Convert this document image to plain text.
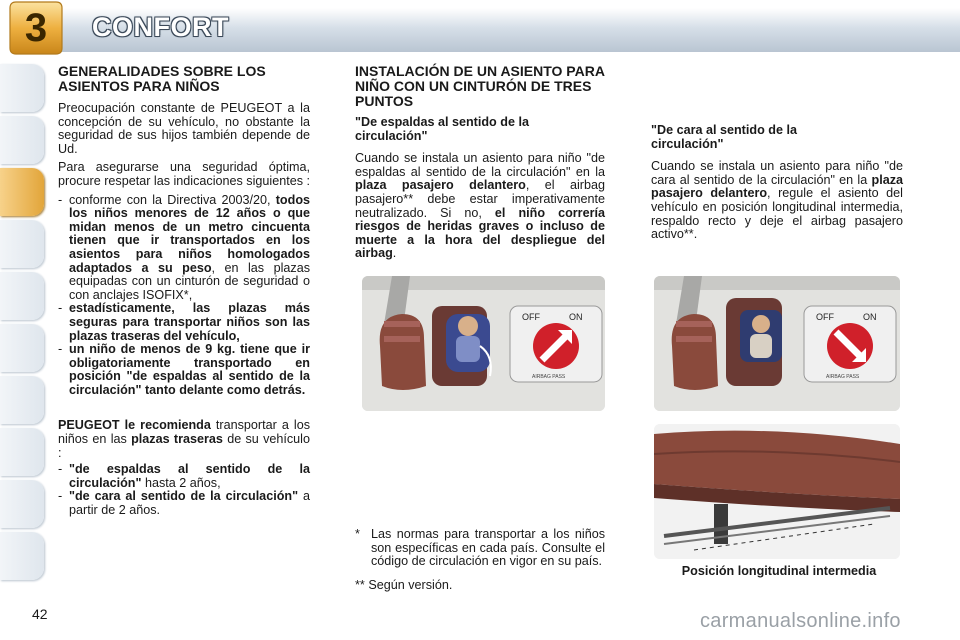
3	CONFORT
GENERALIDADES SOBRE LOS ASIENTOS PARA NIÑOS

Preocupación constante de PEUGEOT a la concepción de su vehículo, no obstante la seguridad de sus hijos también depende de Ud.

Para asegurarse una seguridad óptima, procure respetar las indicaciones siguientes :

- conforme con la Directiva 2003/20, todos los niños menores de 12 años o que midan menos de un metro cincuenta tienen que ir transportados en los asientos para niños homologados adaptados a su peso, en las plazas equipadas con un cinturón de seguridad o con anclajes ISOFIX*,
- estadísticamente, las plazas más seguras para transportar niños son las plazas traseras del vehículo,
- un niño de menos de 9 kg. tiene que ir obligatoriamente transportado en posición "de espaldas al sentido de la circulación" tanto delante como detrás.

PEUGEOT le recomienda transportar a los niños en las plazas traseras de su vehículo :

- "de espaldas al sentido de la circulación" hasta 2 años,
- "de cara al sentido de la circulación" a partir de 2 años.
INSTALACIÓN DE UN ASIENTO PARA NIÑO CON UN CINTURÓN DE TRES PUNTOS
"De espaldas al sentido de la circulación"

Cuando se instala un asiento para niño "de espaldas al sentido de la circulación" en la plaza pasajero delantero, el airbag pasajero** debe estar imperativamente neutralizado. Si no, el niño correría riesgos de heridas graves o incluso de muerte a la hora del despliegue del airbag.

"De cara al sentido de la circulación"

Cuando se instala un asiento para niño "de cara al sentido de la circulación" en la plaza pasajero delantero, regule el asiento del vehículo en posición longitudinal intermedia, respaldo recto y deje el airbag pasajero activo**.

OFF	ON
AIRBAG PASS
OFF	ON
AIRBAG PASS
Posición longitudinal intermedia
* Las normas para transportar a los niños son específicas en cada país. Consulte el código de circulación en vigor en su país.
** Según versión.
42	carmanualsonline.info
